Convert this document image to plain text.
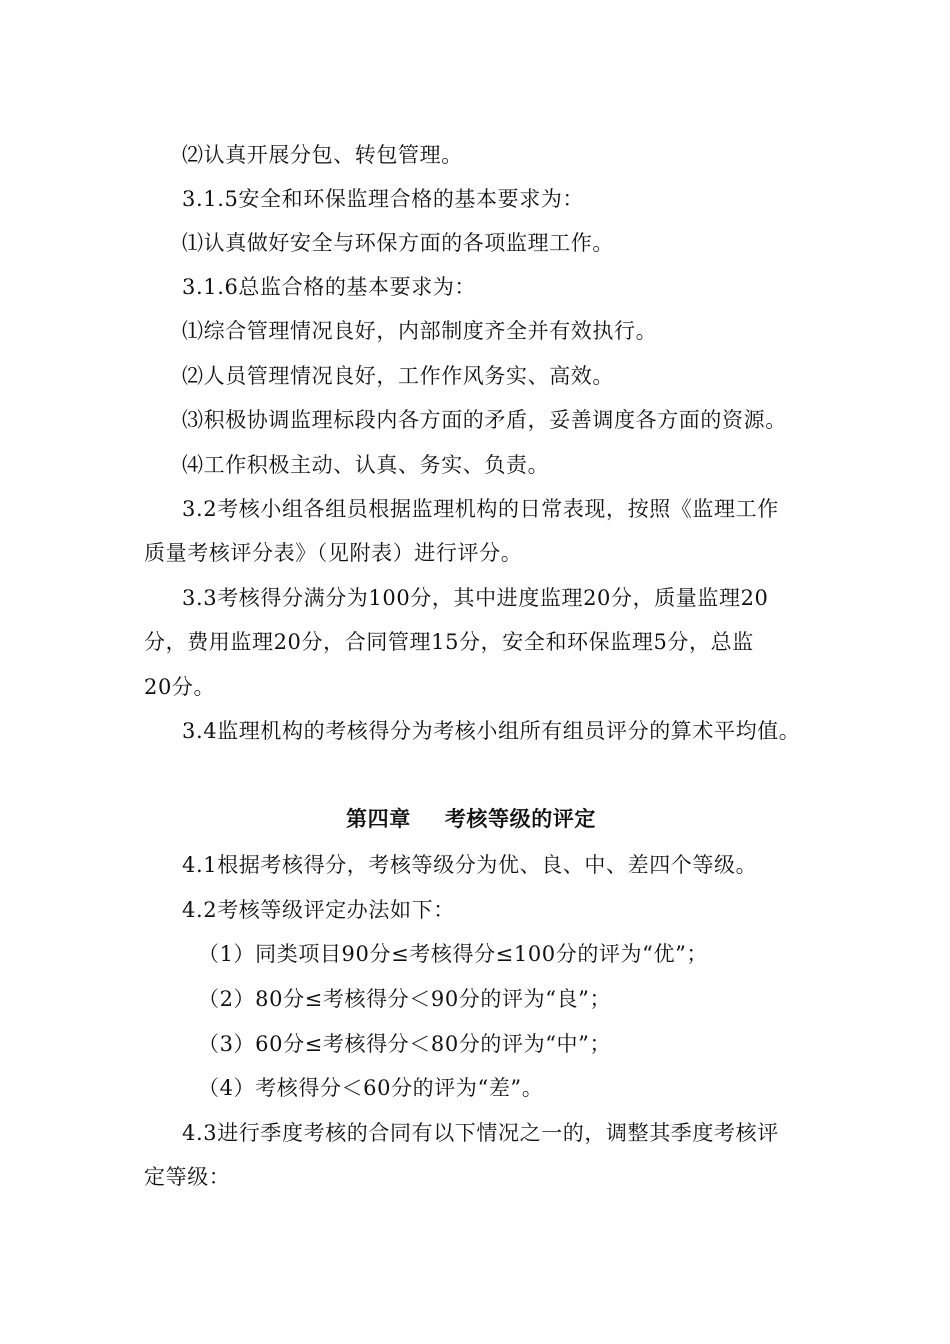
⑵认真开展分包、转包管理。
3.1.5安全和环保监理合格的基本要求为：
⑴认真做好安全与环保方面的各项监理工作。
3.1.6总监合格的基本要求为：
⑴综合管理情况良好，内部制度齐全并有效执行。
⑵人员管理情况良好，工作作风务实、高效。
⑶积极协调监理标段内各方面的矛盾，妥善调度各方面的资源。
⑷工作积极主动、认真、务实、负责。
3.2考核小组各组员根据监理机构的日常表现，按照《监理工作
质量考核评分表》（见附表）进行评分。
3.3考核得分满分为100分，其中进度监理20分，质量监理20
分，费用监理20分，合同管理15分，安全和环保监理5分，总监
20分。
3.4监理机构的考核得分为考核小组所有组员评分的算术平均值。
第四章 考核等级的评定
4.1根据考核得分，考核等级分为优、良、中、差四个等级。
4.2考核等级评定办法如下：
（1）同类项目90分≤考核得分≤100分的评为“优”；
（2）80分≤考核得分＜90分的评为“良”；
（3）60分≤考核得分＜80分的评为“中”；
（4）考核得分＜60分的评为“差”。
4.3进行季度考核的合同有以下情况之一的，调整其季度考核评
定等级：
